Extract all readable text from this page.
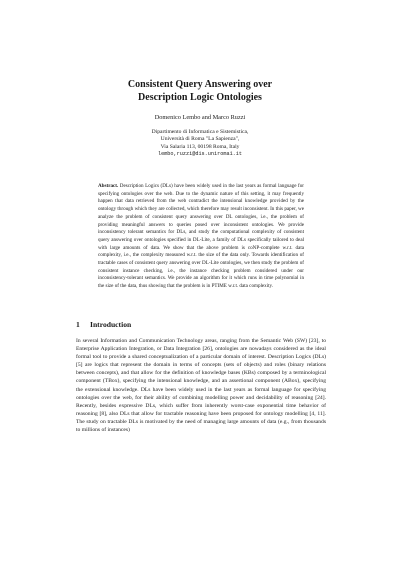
Consistent Query Answering over
Description Logic Ontologies
Domenico Lembo and Marco Ruzzi
Dipartimento di Informatica e Sistemistica,
Università di Roma "La Sapienza",
Via Salaria 113, 00198 Roma, Italy
lembo,ruzzi@dis.uniroma1.it

Abstract. Description Logics (DLs) have been widely used in the last years as formal language for specifying ontologies over the web. Due to the dynamic nature of this setting, it may frequently happen that data retrieved from the web contradict the intensional knowledge provided by the ontology through which they are collected, which therefore may result inconsistent. In this paper, we analyze the problem of consistent query answering over DL ontologies, i.e., the problem of providing meaningful answers to queries posed over inconsistent ontologies. We provide inconsistency tolerant semantics for DLs, and study the computational complexity of consistent query answering over ontologies specified in DL-Lite, a family of DLs specifically tailored to deal with large amounts of data. We show that the above problem is coNP-complete w.r.t. data complexity, i.e., the complexity measured w.r.t. the size of the data only. Towards identification of tractable cases of consistent query answering over DL-Lite ontologies, we then study the problem of consistent instance checking, i.e., the instance checking problem considered under our inconsistency-tolerant semantics. We provide an algorithm for it which runs in time polynomial in the size of the data, thus showing that the problem is in PTIME w.r.t. data complexity.

1 Introduction

In several Information and Communication Technology areas, ranging from the Semantic Web (SW) [23], to Enterprise Application Integration, or Data Integration [26], ontologies are nowadays considered as the ideal formal tool to provide a shared conceptualization of a particular domain of interest. Description Logics (DLs) [5] are logics that represent the domain in terms of concepts (sets of objects) and roles (binary relations between concepts), and that allow for the definition of knowledge bases (KBs) composed by a terminological component (TBox), specifying the intensional knowledge, and an assertional component (ABox), specifying the extensional knowledge. DLs have been widely used in the last years as formal language for specifying ontologies over the web, for their ability of combining modelling power and decidability of reasoning [24]. Recently, besides expressive DLs, which suffer from inherently worst-case exponential time behavior of reasoning [8], also DLs that allow for tractable reasoning have been proposed for ontology modelling [4, 11]. The study on tractable DLs is motivated by the need of managing large amounts of data (e.g., from thousands to millions of instances)
